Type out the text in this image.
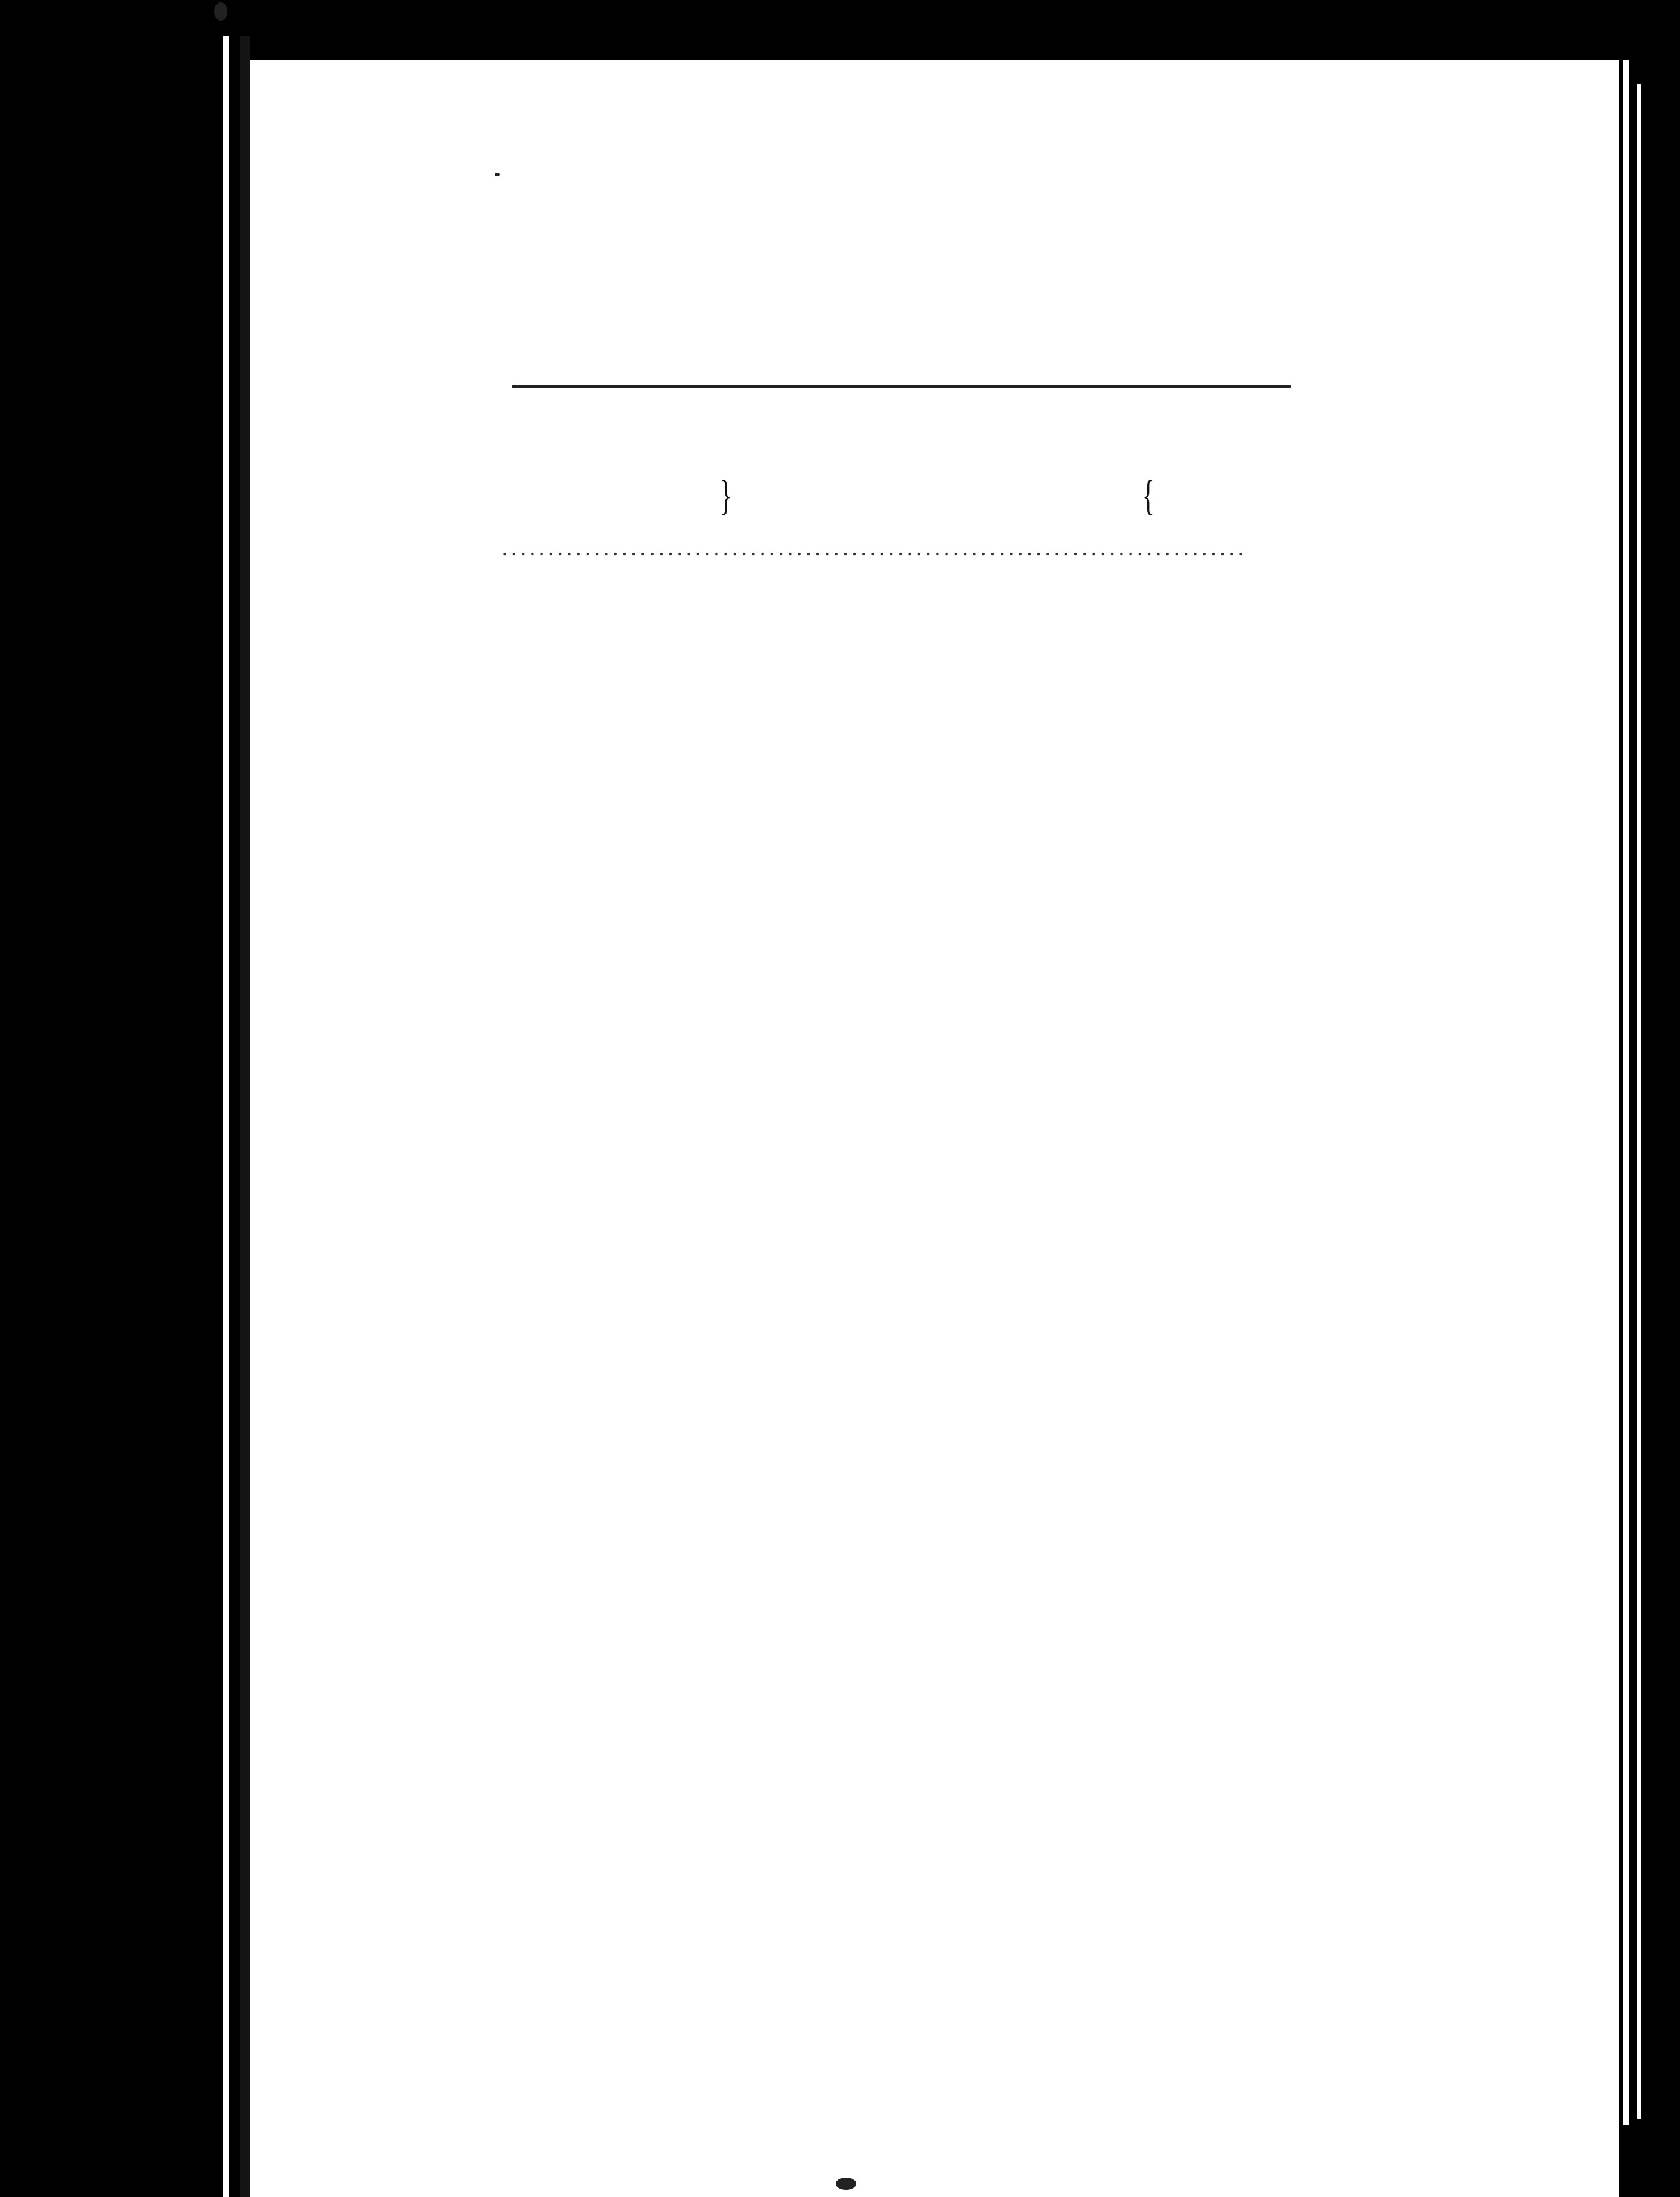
}	{
.....
